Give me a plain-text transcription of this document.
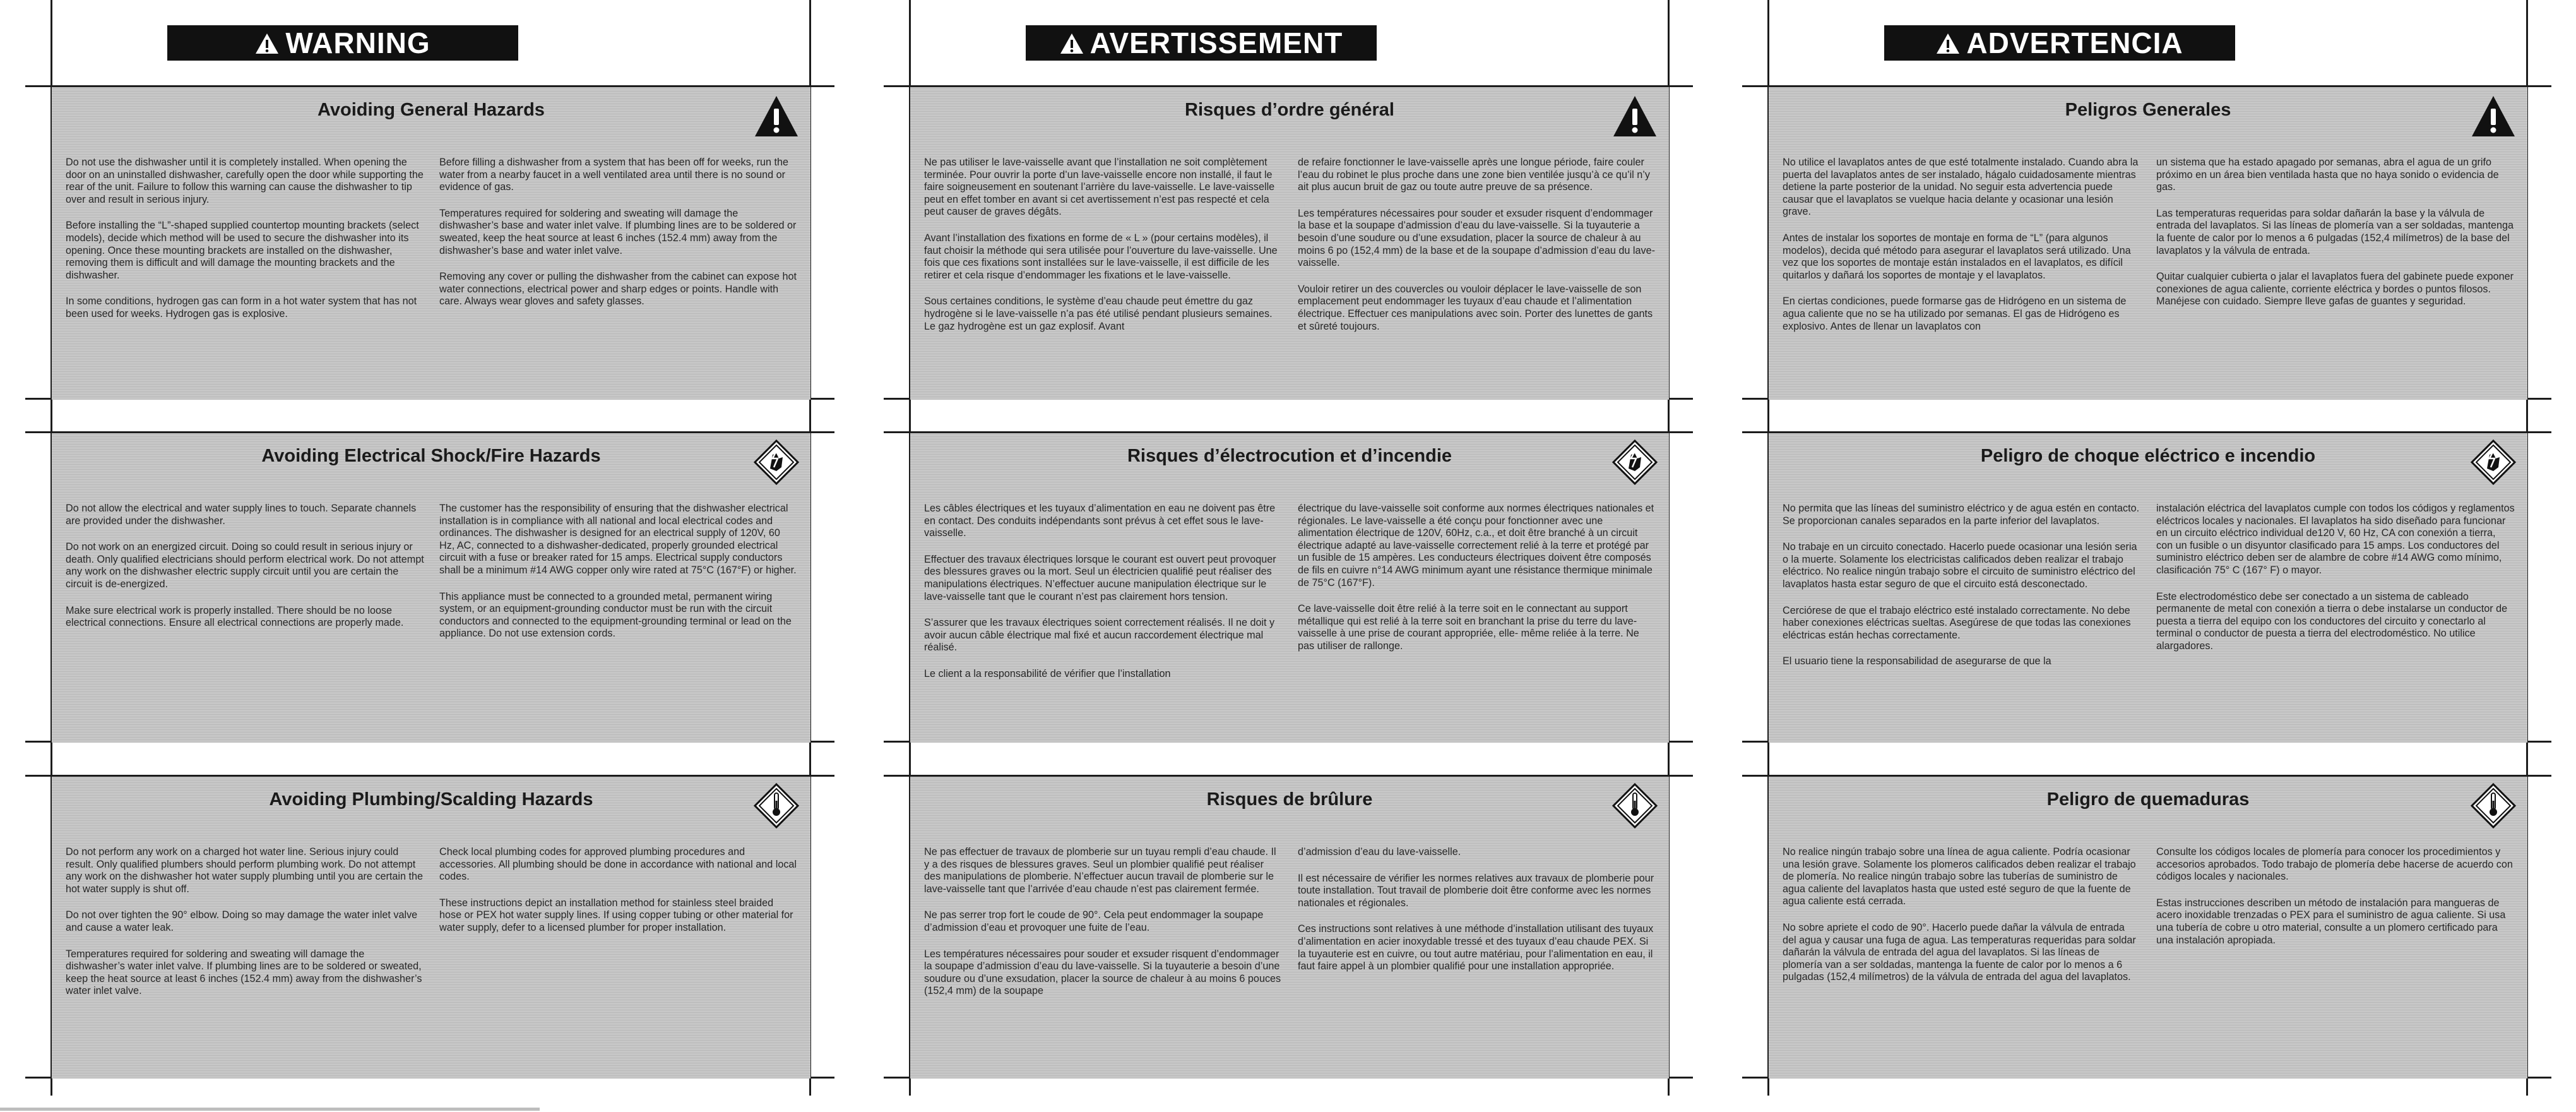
WARNING
Avoiding General Hazards

Do not use the dishwasher until it is completely installed. When opening the door on an uninstalled dishwasher, carefully open the door while supporting the rear of the unit. Failure to follow this warning can cause the dishwasher to tip over and result in serious injury.

Before installing the “L”-shaped supplied countertop mounting brackets (select models), decide which method will be used to secure the dishwasher into its opening. Once these mounting brackets are installed on the dishwasher, removing them is difficult and will damage the mounting brackets and the dishwasher.

In some conditions, hydrogen gas can form in a hot water system that has not been used for weeks. Hydrogen gas is explosive.

Before filling a dishwasher from a system that has been off for weeks, run the water from a nearby faucet in a well ventilated area until there is no sound or evidence of gas.

Temperatures required for soldering and sweating will damage the dishwasher’s base and water inlet valve. If plumbing lines are to be soldered or sweated, keep the heat source at least 6 inches (152.4 mm) away from the dishwasher’s base and water inlet valve.

Removing any cover or pulling the dishwasher from the cabinet can expose hot water connections, electrical power and sharp edges or points. Handle with care. Always wear gloves and safety glasses.

Avoiding Electrical Shock/Fire Hazards

Do not allow the electrical and water supply lines to touch. Separate channels are provided under the dishwasher.

Do not work on an energized circuit. Doing so could result in serious injury or death. Only qualified electricians should perform electrical work. Do not attempt any work on the dishwasher electric supply circuit until you are certain the circuit is de-energized.

Make sure electrical work is properly installed. There should be no loose electrical connections. Ensure all electrical connections are properly made.

The customer has the responsibility of ensuring that the dishwasher electrical installation is in compliance with all national and local electrical codes and ordinances. The dishwasher is designed for an electrical supply of 120V, 60 Hz, AC, connected to a dishwasher-dedicated, properly grounded electrical circuit with a fuse or breaker rated for 15 amps. Electrical supply conductors shall be a minimum #14 AWG copper only wire rated at 75°C (167°F) or higher.

This appliance must be connected to a grounded metal, permanent wiring system, or an equipment-grounding conductor must be run with the circuit conductors and connected to the equipment-grounding terminal or lead on the appliance. Do not use extension cords.

Avoiding Plumbing/Scalding Hazards

Do not perform any work on a charged hot water line. Serious injury could result. Only qualified plumbers should perform plumbing work. Do not attempt any work on the dishwasher hot water supply plumbing until you are certain the hot water supply is shut off.

Do not over tighten the 90° elbow. Doing so may damage the water inlet valve and cause a water leak.

Temperatures required for soldering and sweating will damage the dishwasher’s water inlet valve. If plumbing lines are to be soldered or sweated, keep the heat source at least 6 inches (152.4 mm) away from the dishwasher’s water inlet valve.

Check local plumbing codes for approved plumbing procedures and accessories. All plumbing should be done in accordance with national and local codes.

These instructions depict an installation method for stainless steel braided hose or PEX hot water supply lines. If using copper tubing or other material for water supply, defer to a licensed plumber for proper installation.

AVERTISSEMENT
Risques d’ordre général

Ne pas utiliser le lave-vaisselle avant que l’installation ne soit complètement terminée. Pour ouvrir la porte d’un lave-vaisselle encore non installé, il faut le faire soigneusement en soutenant l’arrière du lave-vaisselle. Le lave-vaisselle peut en effet tomber en avant si cet avertissement n’est pas respecté et cela peut causer de graves dégâts.

Avant l’installation des fixations en forme de « L » (pour certains modèles), il faut choisir la méthode qui sera utilisée pour l’ouverture du lave-vaisselle. Une fois que ces fixations sont installées sur le lave-vaisselle, il est difficile de les retirer et cela risque d’endommager les fixations et le lave-vaisselle.

Sous certaines conditions, le système d’eau chaude peut émettre du gaz hydrogène si le lave-vaisselle n’a pas été utilisé pendant plusieurs semaines. Le gaz hydrogène est un gaz explosif. Avant

de refaire fonctionner le lave-vaisselle après une longue période, faire couler l’eau du robinet le plus proche dans une zone bien ventilée jusqu’à ce qu’il n’y ait plus aucun bruit de gaz ou toute autre preuve de sa présence.

Les températures nécessaires pour souder et exsuder risquent d’endommager la base et la soupape d’admission d’eau du lave-vaisselle. Si la tuyauterie a besoin d’une soudure ou d’une exsudation, placer la source de chaleur à au moins 6 po (152,4 mm) de la base et de la soupape d’admission d’eau du lave-vaisselle.

Vouloir retirer un des couvercles ou vouloir déplacer le lave-vaisselle de son emplacement peut endommager les tuyaux d’eau chaude et l’alimentation électrique. Effectuer ces manipulations avec soin. Porter des lunettes de gants et sûreté toujours.

Risques d’électrocution et d’incendie

Les câbles électriques et les tuyaux d’alimentation en eau ne doivent pas être en contact. Des conduits indépendants sont prévus à cet effet sous le lave-vaisselle.

Effectuer des travaux électriques lorsque le courant est ouvert peut provoquer des blessures graves ou la mort. Seul un électricien qualifié peut réaliser des manipulations électriques. N’effectuer aucune manipulation électrique sur le lave-vaisselle tant que le courant n’est pas clairement hors tension.

S’assurer que les travaux électriques soient correctement réalisés. Il ne doit y avoir aucun câble électrique mal fixé et aucun raccordement électrique mal réalisé.

Le client a la responsabilité de vérifier que l’installation

électrique du lave-vaisselle soit conforme aux normes électriques nationales et régionales. Le lave-vaisselle a été conçu pour fonctionner avec une alimentation électrique de 120V, 60Hz, c.a., et doit être branché à un circuit électrique adapté au lave-vaisselle correctement relié à la terre et protégé par un fusible de 15 ampères. Les conducteurs électriques doivent être composés de fils en cuivre n°14 AWG minimum ayant une résistance thermique minimale de 75°C (167°F).

Ce lave-vaisselle doit être relié à la terre soit en le connectant au support métallique qui est relié à la terre soit en branchant la prise du terre du lave-vaisselle à une prise de courant appropriée, elle- même reliée à la terre. Ne pas utiliser de rallonge.

Risques de brûlure

Ne pas effectuer de travaux de plomberie sur un tuyau rempli d’eau chaude. Il y a des risques de blessures graves. Seul un plombier qualifié peut réaliser des manipulations de plomberie. N’effectuer aucun travail de plomberie sur le lave-vaisselle tant que l’arrivée d’eau chaude n’est pas clairement fermée.

Ne pas serrer trop fort le coude de 90°. Cela peut endommager la soupape d’admission d’eau et provoquer une fuite de l’eau.

Les températures nécessaires pour souder et exsuder risquent d’endommager la soupape d’admission d’eau du lave-vaisselle. Si la tuyauterie a besoin d’une soudure ou d’une exsudation, placer la source de chaleur à au moins 6 pouces (152,4 mm) de la soupape

d’admission d’eau du lave-vaisselle.

Il est nécessaire de vérifier les normes relatives aux travaux de plomberie pour toute installation. Tout travail de plomberie doit être conforme avec les normes nationales et régionales.

Ces instructions sont relatives à une méthode d’installation utilisant des tuyaux d’alimentation en acier inoxydable tressé et des tuyaux d’eau chaude PEX. Si la tuyauterie est en cuivre, ou tout autre matériau, pour l’alimentation en eau, il faut faire appel à un plombier qualifié pour une installation appropriée.

ADVERTENCIA
Peligros Generales

No utilice el lavaplatos antes de que esté totalmente instalado. Cuando abra la puerta del lavaplatos antes de ser instalado, hágalo cuidadosamente mientras detiene la parte posterior de la unidad. No seguir esta advertencia puede causar que el lavaplatos se vuelque hacia delante y ocasionar una lesión grave.

Antes de instalar los soportes de montaje en forma de “L” (para algunos modelos), decida qué método para asegurar el lavaplatos será utilizado. Una vez que los soportes de montaje están instalados en el lavaplatos, es difícil quitarlos y dañará los soportes de montaje y el lavaplatos.

En ciertas condiciones, puede formarse gas de Hidrógeno en un sistema de agua caliente que no se ha utilizado por semanas. El gas de Hidrógeno es explosivo. Antes de llenar un lavaplatos con

un sistema que ha estado apagado por semanas, abra el agua de un grifo próximo en un área bien ventilada hasta que no haya sonido o evidencia de gas.

Las temperaturas requeridas para soldar dañarán la base y la válvula de entrada del lavaplatos. Si las líneas de plomería van a ser soldadas, mantenga la fuente de calor por lo menos a 6 pulgadas (152,4 milímetros) de la base del lavaplatos y la válvula de entrada.

Quitar cualquier cubierta o jalar el lavaplatos fuera del gabinete puede exponer conexiones de agua caliente, corriente eléctrica y bordes o puntos filosos. Manéjese con cuidado. Siempre lleve gafas de guantes y seguridad.

Peligro de choque eléctrico e incendio

No permita que las líneas del suministro eléctrico y de agua estén en contacto. Se proporcionan canales separados en la parte inferior del lavaplatos.

No trabaje en un circuito conectado. Hacerlo puede ocasionar una lesión seria o la muerte. Solamente los electricistas calificados deben realizar el trabajo eléctrico. No realice ningún trabajo sobre el circuito de suministro eléctrico del lavaplatos hasta estar seguro de que el circuito está desconectado.

Cerciórese de que el trabajo eléctrico esté instalado correctamente. No debe haber conexiones eléctricas sueltas. Asegúrese de que todas las conexiones eléctricas están hechas correctamente.

El usuario tiene la responsabilidad de asegurarse de que la

instalación eléctrica del lavaplatos cumple con todos los códigos y reglamentos eléctricos locales y nacionales. El lavaplatos ha sido diseñado para funcionar en un circuito eléctrico individual de120 V, 60 Hz, CA con conexión a tierra, con un fusible o un disyuntor clasificado para 15 amps. Los conductores del suministro eléctrico deben ser de alambre de cobre #14 AWG como mínimo, clasificación 75° C (167° F) o mayor.

Este electrodoméstico debe ser conectado a un sistema de cableado permanente de metal con conexión a tierra o debe instalarse un conductor de puesta a tierra del equipo con los conductores del circuito y conectarlo al terminal o conductor de puesta a tierra del electrodoméstico. No utilice alargadores.

Peligro de quemaduras

No realice ningún trabajo sobre una línea de agua caliente. Podría ocasionar una lesión grave. Solamente los plomeros calificados deben realizar el trabajo de plomería. No realice ningún trabajo sobre las tuberías de suministro de agua caliente del lavaplatos hasta que usted esté seguro de que la fuente de agua caliente está cerrada.

No sobre apriete el codo de 90°. Hacerlo puede dañar la válvula de entrada del agua y causar una fuga de agua. Las temperaturas requeridas para soldar dañarán la válvula de entrada del agua del lavaplatos. Si las líneas de plomería van a ser soldadas, mantenga la fuente de calor por lo menos a 6 pulgadas (152,4 milímetros) de la válvula de entrada del agua del lavaplatos.

Consulte los códigos locales de plomería para conocer los procedimientos y accesorios aprobados. Todo trabajo de plomería debe hacerse de acuerdo con códigos locales y nacionales.

Estas instrucciones describen un método de instalación para mangueras de acero inoxidable trenzadas o PEX para el suministro de agua caliente. Si usa una tubería de cobre u otro material, consulte a un plomero certificado para una instalación apropiada.
